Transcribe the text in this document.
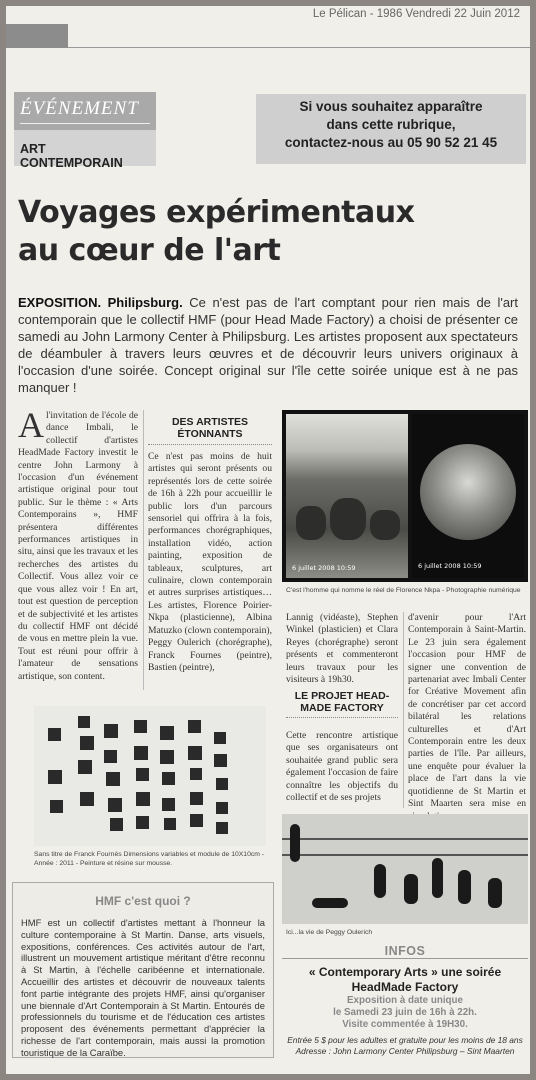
Le Pélican - 1986 Vendredi 22 Juin 2012
ÉVÉNEMENT
ART CONTEMPORAIN
Si vous souhaitez apparaître
dans cette rubrique,
contactez-nous au 05 90 52 21 45
Voyages expérimentaux
au cœur de l'art
EXPOSITION. Philipsburg. Ce n'est pas de l'art comptant pour rien mais de l'art contemporain que le collectif HMF (pour Head Made Factory) a choisi de présenter ce samedi au John Larmony Center à Philipsburg. Les artistes proposent aux spectateurs de déambuler à travers leurs œuvres et de découvrir leurs univers originaux à l'occasion d'une soirée. Concept original sur l'île cette soirée unique est à ne pas manquer !
A l'invitation de l'école de dance Imbali, le collectif d'artistes HeadMade Factory investit le centre John Larmony à l'occasion d'un événement artistique original pour tout public. Sur le thème : « Arts Contemporains », HMF présentera différentes performances artistiques in situ, ainsi que les travaux et les recherches des artistes du Collectif. Vous allez voir ce que vous allez voir ! En art, tout est question de perception et de subjectivité et les artistes du collectif HMF ont décidé de vous en mettre plein la vue. Tout est réuni pour offrir à l'amateur de sensations artistique, son content.
DES ARTISTES ÉTONNANTS
Ce n'est pas moins de huit artistes qui seront présents ou représentés lors de cette soirée de 16h à 22h pour accueillir le public lors d'un parcours sensoriel qui offrira à la fois, performances chorégraphiques, installation vidéo, action painting, exposition de tableaux, sculptures, art culinaire, clown contemporain et autres surprises artistiques… Les artistes, Florence Poirier-Nkpa (plasticienne), Albina Matuzko (clown contemporain), Peggy Oulerich (chorégraphe), Franck Fournes (peintre), Bastien (peintre),
6 juillet 2008 10:59	6 juillet 2008 10:59
C'est l'homme qui nomme le réel de Florence Nkpa - Photographie numérique
Lannig (vidéaste), Stephen Winkel (plasticien) et Clara Reyes (chorégraphe) seront présents et commenteront leurs travaux pour les visiteurs à 19h30.
LE PROJET HEAD-MADE FACTORY
Cette rencontre artistique que ses organisateurs ont souhaitée grand public sera également l'occasion de faire connaître les objectifs du collectif et de ses projets
d'avenir pour l'Art Contemporain à Saint-Martin. Le 23 juin sera également l'occasion pour HMF de signer une convention de partenariat avec Imbali Center for Créative Movement afin de concrétiser par cet accord bilatéral les relations culturelles et d'Art Contemporain entre les deux parties de l'île. Par ailleurs, une enquête pour évaluer la place de l'art dans la vie quotidienne de St Martin et Sint Maarten sera mise en
Sans titre de Franck Fournès Dimensions variables et module de 10X10cm - Année : 2011 - Peinture et résine sur mousse.
Ici...la vie de Peggy Oulerich
HMF c'est quoi ?
HMF est un collectif d'artistes mettant à l'honneur la culture contemporaine à St Martin. Danse, arts visuels, expositions, conférences. Ces activités autour de l'art, illustrent un mouvement artistique méritant d'être reconnu à St Martin, à l'échelle caribéenne et internationale. Accueillir des artistes et découvrir de nouveaux talents font partie intégrante des projets HMF, ainsi qu'organiser une biennale d'Art Contemporain à St Martin. Entourés de professionnels du tourisme et de l'éducation ces artistes proposent des événements permettant d'apprécier la richesse de l'art contemporain, mais aussi la promotion touristique de la Caraïbe.
INFOS
« Contemporary Arts » une soirée
HeadMade Factory
Exposition à date unique
le Samedi 23 juin de 16h à 22h.
Visite commentée à 19H30.
Entrée 5 $ pour les adultes et gratuite pour les moins de 18 ans
Adresse : John Larmony Center Philipsburg – Sint Maarten
